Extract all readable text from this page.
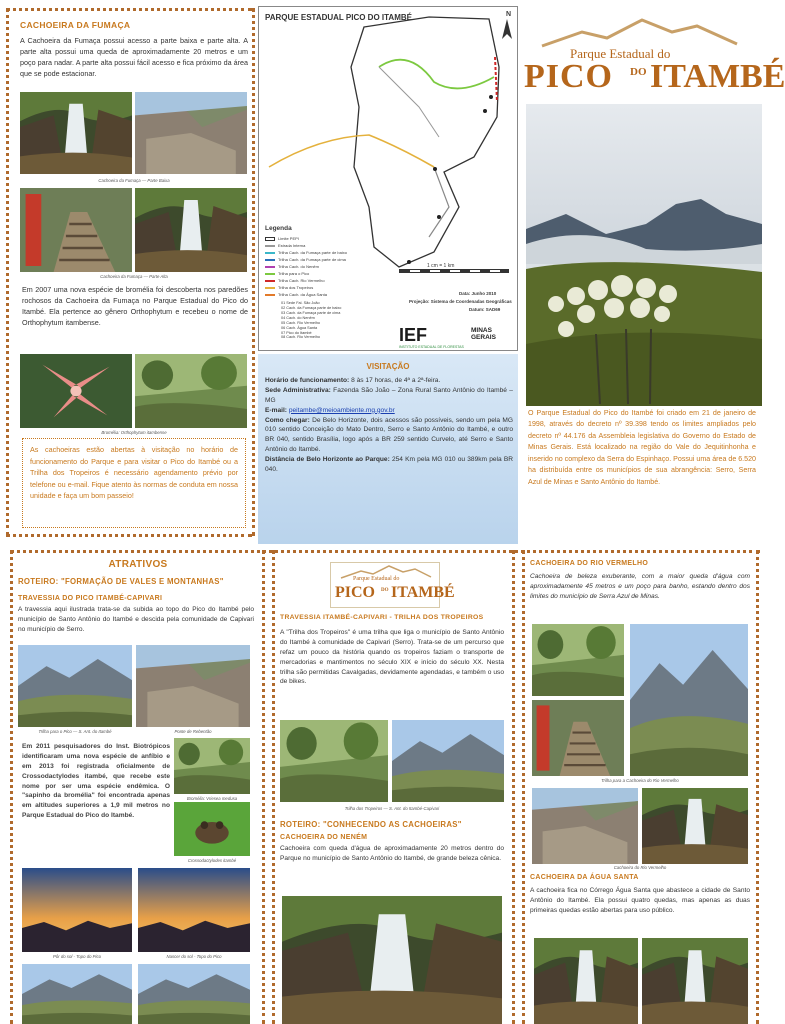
CACHOEIRA DA FUMAÇA
A Cachoeira da Fumaça possui acesso a parte baixa e parte alta. A parte alta possui uma queda de aproximadamente 20 metros e um poço para nadar. A parte alta possui fácil acesso e fica próximo da área que se pode estacionar.
Cachoeira da Fumaça — Parte Baixa
Cachoeira da Fumaça — Parte Alta
Em 2007 uma nova espécie de bromélia foi descoberta nos paredões rochosos da Cachoeira da Fumaça no Parque Estadual do Pico do Itambé. Ela pertence ao gênero Orthophytum e recebeu o nome de Orthophytum itambense.
Bromélia: Orthophytum itambense
As cachoeiras estão abertas à visitação no horário de funcionamento do Parque e para visitar o Pico do Itambé ou a Trilha dos Tropeiros é necessário agendamento prévio por telefone ou e-mail. Fique atento às normas de conduta em nossa unidade e faça um bom passeio!
PARQUE ESTADUAL PICO DO ITAMBÉ	N
Legenda
Limite PEPI
Estrada Interna
Trilha Cach. da Fumaça parte de baixo
Trilha Cach. da Fumaça parte de cima
Trilha Cach. do Nenêm
Trilha para o Pico
Trilha Cach. Rio Vermelho
Trilha dos Tropeiros
Trilha Cach. da Água Santa
01 Sede Fal. São João
02 Cach. da Fumaça parte de baixo
03 Cach. da Fumaça parte de cima
04 Cach. do Nenêm
05 Cach. Rio Vermelho
06 Cach. Água Santa
07 Pico do Itambé
08 Cach. Rio Vermelho
1 cm = 1 km
Data: Junho 2010
Projeção: Sistema de Coordenadas Geográficas
Datum: SAD69
IEF
INSTITUTO ESTADUAL DE FLORESTAS
MINAS GERAIS
VISITAÇÃO

Horário de funcionamento: 8 às 17 horas, de 4ª a 2ª-feira.

Sede Administrativa: Fazenda São João – Zona Rural Santo Antônio do Itambé – MG

E-mail: peitambe@meioambiente.mg.gov.br

Como chegar: De Belo Horizonte, dois acessos são possíveis, sendo um pela MG 010 sentido Conceição do Mato Dentro, Serro e Santo Antônio do Itambé, e outro BR 040, sentido Brasília, logo após a BR 259 sentido Curvelo, até Serro e Santo Antônio do Itambé.

Distância de Belo Horizonte ao Parque: 254 Km pela MG 010 ou 389km pela BR 040.

Parque Estadual do
PICO DO ITAMBÉ
O Parque Estadual do Pico do Itambé foi criado em 21 de janeiro de 1998, através do decreto nº 39.398 tendo os limites ampliados pelo decreto nº 44.176 da Assembleia legislativa do Governo do Estado de Minas Gerais. Está localizado na região do Vale do Jequitinhonha e inserido no complexo da Serra do Espinhaço. Possui uma área de 6.520 ha distribuída entre os municípios de sua abrangência: Serro, Serra Azul de Minas e Santo Antônio do Itambé.
ATRATIVOS
ROTEIRO: "FORMAÇÃO DE VALES E MONTANHAS"
TRAVESSIA DO PICO ITAMBÉ-CAPIVARI
A travessia aqui ilustrada trata-se da subida ao topo do Pico do Itambé pelo município de Santo Antônio do Itambé e descida pela comunidade de Capivari no município de Serro.
Trilha para o Pico — S. Ant. do Itambé	Ponte de Rebentão
Em 2011 pesquisadores do Inst. Biotrópicos identificaram uma nova espécie de anfíbio e em 2013 foi registrada oficialmente de Crossodactylodes itambé, que recebe este nome por ser uma espécie endêmica. O "sapinho da bromélia" foi encontrada apenas em altitudes superiores a 1,9 mil metros no Parque Estadual do Pico do Itambé.
Bromélia: Vriesea medusa
Crossodactylodes itambé
Pôr do sol - Topo do Pico	Nascer do sol - Topo do Pico
Parque Estadual do
PICO DO ITAMBÉ
TRAVESSIA ITAMBÉ-CAPIVARI - TRILHA DOS TROPEIROS
A "Trilha dos Tropeiros" é uma trilha que liga o município de Santo Antônio do Itambé à comunidade de Capivari (Serro). Trata-se de um percurso que refaz um pouco da história quando os tropeiros faziam o transporte de mercadorias e mantimentos no século XIX e início do século XX. Nesta trilha são permitidas Cavalgadas, devidamente agendadas, e também o uso de bikes.
Trilha dos Tropeiros — S. Ant. do Itambé-Capivari
ROTEIRO: "CONHECENDO AS CACHOEIRAS"
CACHOEIRA DO NENÉM
Cachoeira com queda d'água de aproximadamente 20 metros dentro do Parque no município de Santo Antônio do Itambé, de grande beleza cênica.
CACHOEIRA DO RIO VERMELHO
Cachoeira de beleza exuberante, com a maior queda d'água com aproximadamente 45 metros e um poço para banho, estando dentro dos limites do município de Serra Azul de Minas.
Trilha para a Cachoeira do Rio Vermelho
Cachoeira do Rio Vermelho
CACHOEIRA DA ÁGUA SANTA
A cachoeira fica no Córrego Água Santa que abastece a cidade de Santo Antônio do Itambé. Ela possui quatro quedas, mas apenas as duas primeiras quedas estão abertas para uso público.
